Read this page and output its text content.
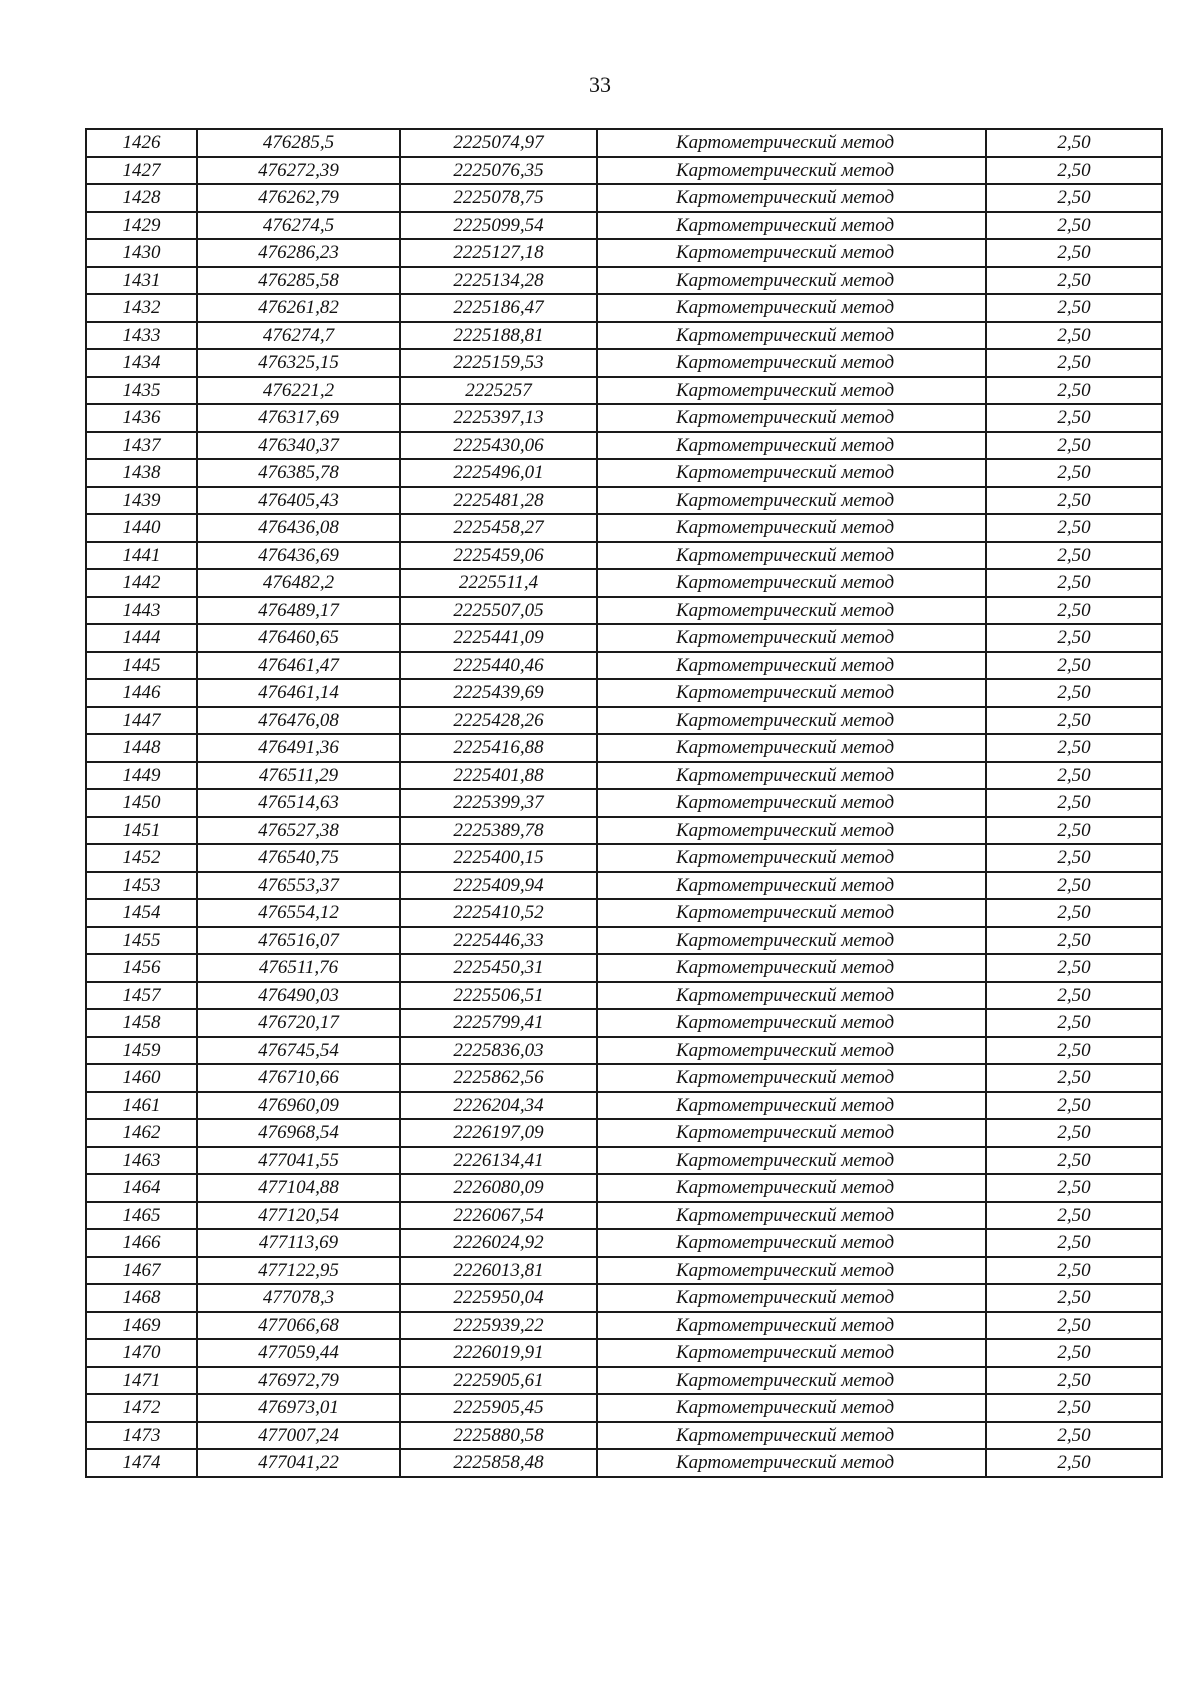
33
1426	476285,5	2225074,97	Картометрический метод	2,50
1427	476272,39	2225076,35	Картометрический метод	2,50
1428	476262,79	2225078,75	Картометрический метод	2,50
1429	476274,5	2225099,54	Картометрический метод	2,50
1430	476286,23	2225127,18	Картометрический метод	2,50
1431	476285,58	2225134,28	Картометрический метод	2,50
1432	476261,82	2225186,47	Картометрический метод	2,50
1433	476274,7	2225188,81	Картометрический метод	2,50
1434	476325,15	2225159,53	Картометрический метод	2,50
1435	476221,2	2225257	Картометрический метод	2,50
1436	476317,69	2225397,13	Картометрический метод	2,50
1437	476340,37	2225430,06	Картометрический метод	2,50
1438	476385,78	2225496,01	Картометрический метод	2,50
1439	476405,43	2225481,28	Картометрический метод	2,50
1440	476436,08	2225458,27	Картометрический метод	2,50
1441	476436,69	2225459,06	Картометрический метод	2,50
1442	476482,2	2225511,4	Картометрический метод	2,50
1443	476489,17	2225507,05	Картометрический метод	2,50
1444	476460,65	2225441,09	Картометрический метод	2,50
1445	476461,47	2225440,46	Картометрический метод	2,50
1446	476461,14	2225439,69	Картометрический метод	2,50
1447	476476,08	2225428,26	Картометрический метод	2,50
1448	476491,36	2225416,88	Картометрический метод	2,50
1449	476511,29	2225401,88	Картометрический метод	2,50
1450	476514,63	2225399,37	Картометрический метод	2,50
1451	476527,38	2225389,78	Картометрический метод	2,50
1452	476540,75	2225400,15	Картометрический метод	2,50
1453	476553,37	2225409,94	Картометрический метод	2,50
1454	476554,12	2225410,52	Картометрический метод	2,50
1455	476516,07	2225446,33	Картометрический метод	2,50
1456	476511,76	2225450,31	Картометрический метод	2,50
1457	476490,03	2225506,51	Картометрический метод	2,50
1458	476720,17	2225799,41	Картометрический метод	2,50
1459	476745,54	2225836,03	Картометрический метод	2,50
1460	476710,66	2225862,56	Картометрический метод	2,50
1461	476960,09	2226204,34	Картометрический метод	2,50
1462	476968,54	2226197,09	Картометрический метод	2,50
1463	477041,55	2226134,41	Картометрический метод	2,50
1464	477104,88	2226080,09	Картометрический метод	2,50
1465	477120,54	2226067,54	Картометрический метод	2,50
1466	477113,69	2226024,92	Картометрический метод	2,50
1467	477122,95	2226013,81	Картометрический метод	2,50
1468	477078,3	2225950,04	Картометрический метод	2,50
1469	477066,68	2225939,22	Картометрический метод	2,50
1470	477059,44	2226019,91	Картометрический метод	2,50
1471	476972,79	2225905,61	Картометрический метод	2,50
1472	476973,01	2225905,45	Картометрический метод	2,50
1473	477007,24	2225880,58	Картометрический метод	2,50
1474	477041,22	2225858,48	Картометрический метод	2,50
